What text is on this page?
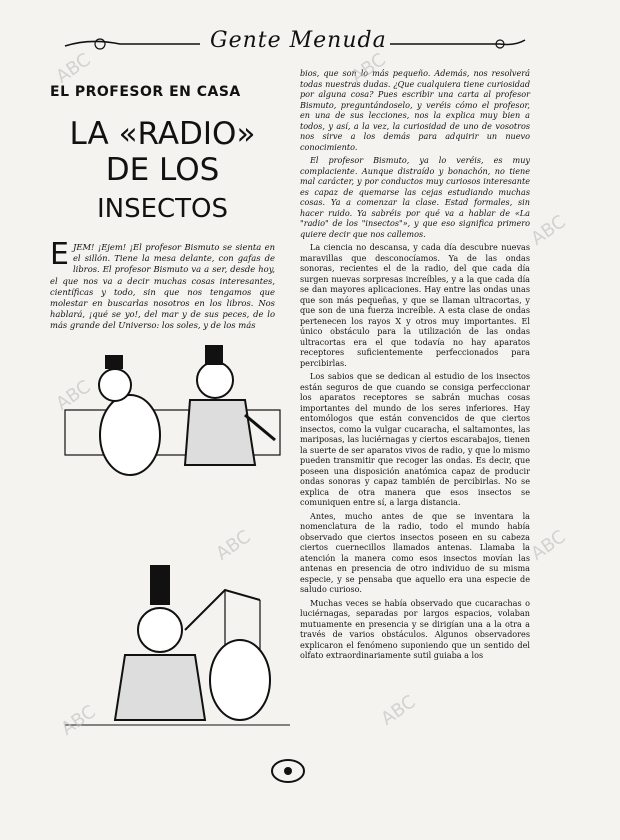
Gente Menuda
EL PROFESOR EN CASA
LA «RADIO» DE LOS
INSECTOS
E JEM! ¡Ejem! ¡El profesor Bismuto se sienta en el sillón. Tiene la mesa delante, con gafas de libros. El profesor Bismuto va a ser, desde hoy, el que nos va a decir muchas cosas interesantes, científicas y todo, sin que nos tengamos que molestar en buscarlas nosotros en los libros. Nos hablará, ¡qué se yo!, del mar y de sus peces, de lo más grande del Universo: los soles, y de los más

bios, que son lo más pequeño. Además, nos resolverá todas nuestras dudas. ¿Que cualquiera tiene curiosidad por alguna cosa? Pues escribir una carta al profesor Bismuto, preguntándoselo, y veréis cómo el profesor, en una de sus lecciones, nos la explica muy bien a todos, y así, a la vez, la curiosidad de uno de vosotros nos sirve a los demás para adquirir un nuevo conocimiento.

El profesor Bismuto, ya lo veréis, es muy complaciente. Aunque distraído y bonachón, no tiene mal carácter, y por conductos muy curiosos interesante es capaz de quemarse las cejas estudiando muchas cosas. Ya a comenzar la clase. Estad formales, sin hacer ruido. Ya sabréis por qué va a hablar de «La "radio" de los "insectos"», y que eso significa primero quiere decir que nos callemos.

La ciencia no descansa, y cada día descubre nuevas maravillas que desconocíamos. Ya de las ondas sonoras, recientes el de la radio, del que cada día surgen nuevas sorpresas increíbles, y a la que cada día se dan mayores aplicaciones. Hay entre las ondas unas que son más pequeñas, y que se llaman ultracortas, y que son de una fuerza increíble. A esta clase de ondas pertenecen los rayos X y otros muy importantes. El único obstáculo para la utilización de las ondas ultracortas era el que todavía no hay aparatos receptores suficientemente perfeccionados para percibirlas.

Los sabios que se dedican al estudio de los insectos están seguros de que cuando se consiga perfeccionar los aparatos receptores se sabrán muchas cosas importantes del mundo de los seres inferiores. Hay entomólogos que están convencidos de que ciertos insectos, como la vulgar cucaracha, el saltamontes, las mariposas, las luciérnagas y ciertos escarabajos, tienen la suerte de ser aparatos vivos de radio, y que lo mismo pueden transmitir que recoger las ondas. Es decir, que poseen una disposición anatómica capaz de producir ondas sonoras y capaz también de percibirlas. No se explica de otra manera que esos insectos se comuniquen entre sí, a larga distancia.

Antes, mucho antes de que se inventara la nomenclatura de la radio, todo el mundo había observado que ciertos insectos poseen en su cabeza ciertos cuernecillos llamados antenas. Llamaba la atención la manera como esos insectos movían las antenas en presencia de otro individuo de su misma especie, y se pensaba que aquello era una especie de saludo curioso.

Muchas veces se había observado que cucarachas o luciérnagas, separadas por largos espacios, volaban mutuamente en presencia y se dirigían una a la otra a través de varios obstáculos. Algunos observadores explicaron el fenómeno suponiendo que un sentido del olfato extraordinariamente sutil guiaba a los

ABC	ABC
ABC
ABC
ABC	ABC
ABC
ABC
